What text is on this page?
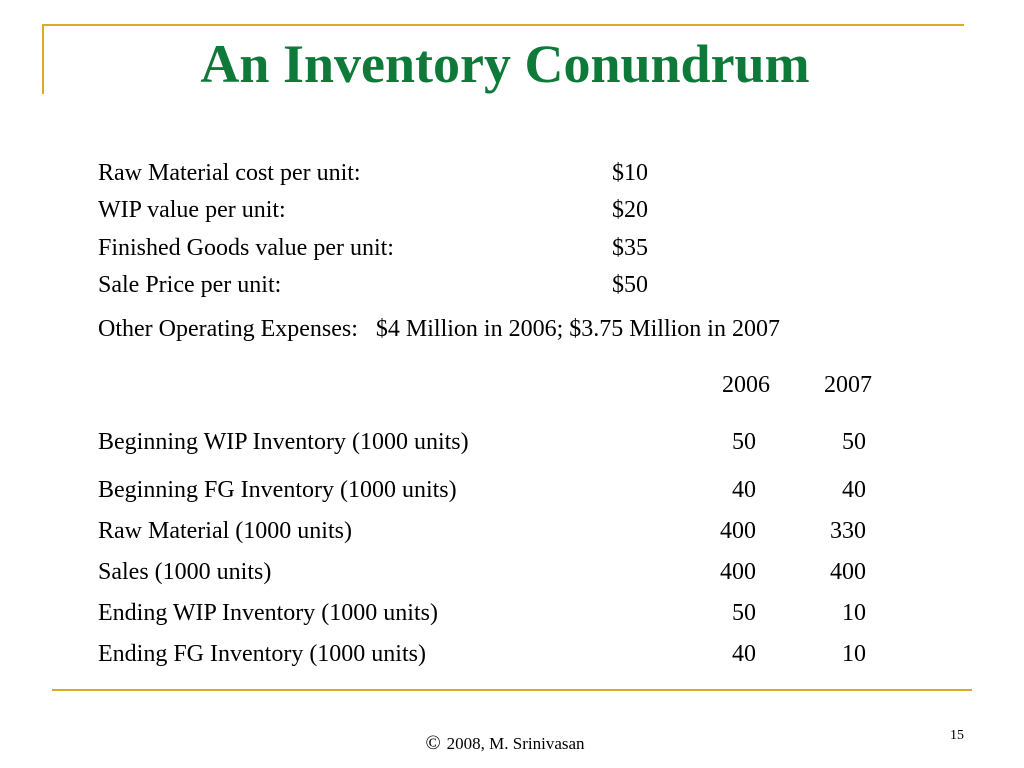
An Inventory Conundrum
Raw Material cost per unit:	$10
WIP value per unit:	$20
Finished Goods value per unit:	$35
Sale Price per unit:	$50
Other Operating Expenses:   $4 Million in 2006; $3.75 Million in 2007
2006	2007
Beginning WIP Inventory (1000 units)	50	50
Beginning FG Inventory (1000 units)	40	40
Raw Material (1000 units)	400	330
Sales (1000 units)	400	400
Ending WIP Inventory (1000 units)	50	10
Ending FG Inventory (1000 units)	40	10
© 2008, M. Srinivasan	15
